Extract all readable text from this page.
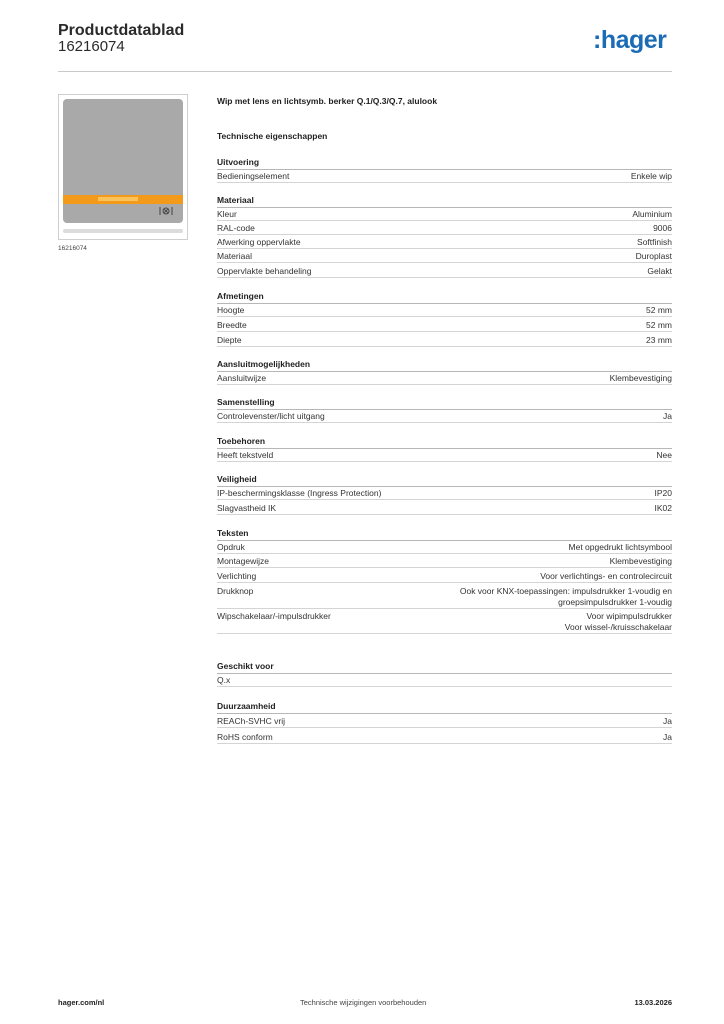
Productdatablad
16216074	:hager
16216074
Wip met lens en lichtsymb. berker Q.1/Q.3/Q.7, alulook
Technische eigenschappen
Uitvoering
Bedieningselement	Enkele wip
Materiaal
Kleur	Aluminium
RAL-code	9006
Afwerking oppervlakte	Softfinish
Materiaal	Duroplast
Oppervlakte behandeling	Gelakt
Afmetingen
Hoogte	52 mm
Breedte	52 mm
Diepte	23 mm
Aansluitmogelijkheden
Aansluitwijze	Klembevestiging
Samenstelling
Controlevenster/licht uitgang	Ja
Toebehoren
Heeft tekstveld	Nee
Veiligheid
IP-beschermingsklasse (Ingress Protection)	IP20
Slagvastheid IK	IK02
Teksten
Opdruk	Met opgedrukt lichtsymbool
Montagewijze	Klembevestiging
Verlichting	Voor verlichtings- en controlecircuit
Drukknop	Ook voor KNX-toepassingen: impulsdrukker 1-voudig en
groepsimpulsdrukker 1-voudig
Wipschakelaar/-impulsdrukker	Voor wipimpulsdrukker
Voor wissel-/kruisschakelaar
Geschikt voor
Q.x
Duurzaamheid
REACh-SVHC vrij	Ja
RoHS conform	Ja
hager.com/nl	Technische wijzigingen voorbehouden	13.03.2026
